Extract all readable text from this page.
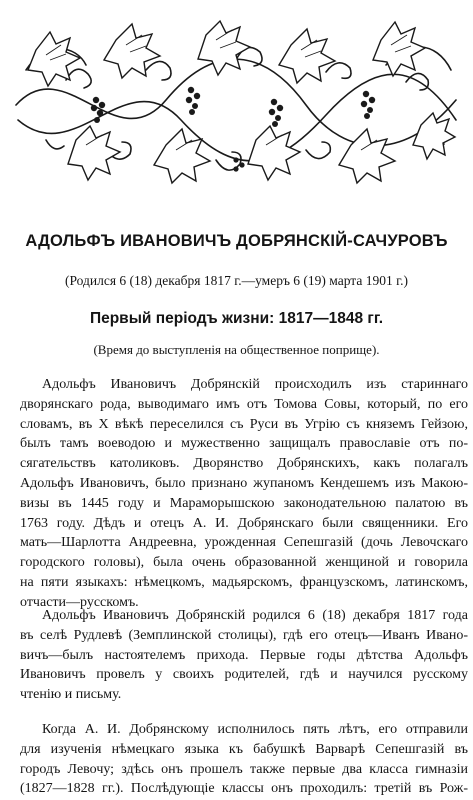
АДОЛЬФЪ ИВАНОВИЧЪ ДОБРЯНСКIЙ-САЧУРОВЪ
(Родился 6 (18) декабря 1817 г.—умеръ 6 (19) марта 1901 г.)
Первый періодъ жизни: 1817—1848 гг.
(Время до выступленія на общественное поприще).
Адольфъ Ивановичъ Добрянскій происходилъ изъ стариннаго
дворянскаго рода, выводимаго имъ отъ Томова Совы, который, по его
словамъ, въ Х вѣкѣ переселился съ Руси въ Угрію съ княземъ Гейзою,
былъ тамъ воеводою и мужественно защищалъ православіе отъ по-
сягательствъ католиковъ. Дворянство Добрянскихъ, какъ полагалъ
Адольфъ Ивановичъ, было признано жупаномъ Кендешемъ изъ Макою-
визы въ 1445 году и Мараморышскою законодательною палатою въ
1763 году. Дѣдъ и отецъ А. И. Добрянскаго были священники. Его
мать—Шарлотта Андреевна, урожденная Сепешгазій (дочь Левочскаго
городского головы), была очень образованной женщиной и говорила
на пяти языкахъ: нѣмецкомъ, мадьярскомъ, французскомъ, латинскомъ,
отчасти—русскомъ.
Адольфъ Ивановичъ Добрянскій родился 6 (18) декабря 1817 года
въ селѣ Рудлевѣ (Земплинской столицы), гдѣ его отецъ—Иванъ Ивано-
вичъ—былъ настоятелемъ прихода. Первые годы дѣтства Адольфъ
Ивановичъ провелъ у своихъ родителей, гдѣ и научился русскому
чтенію и письму.
Когда А. И. Добрянскому исполнилось пять лѣтъ, его отправили
для изученія нѣмецкаго языка къ бабушкѣ Варварѣ Сепешгазій въ
городъ Левочу; здѣсь онъ прошелъ также первые два класса гимназіи
(1827—1828 гг.). Послѣдующіе классы онъ проходилъ: третій въ Рож-
